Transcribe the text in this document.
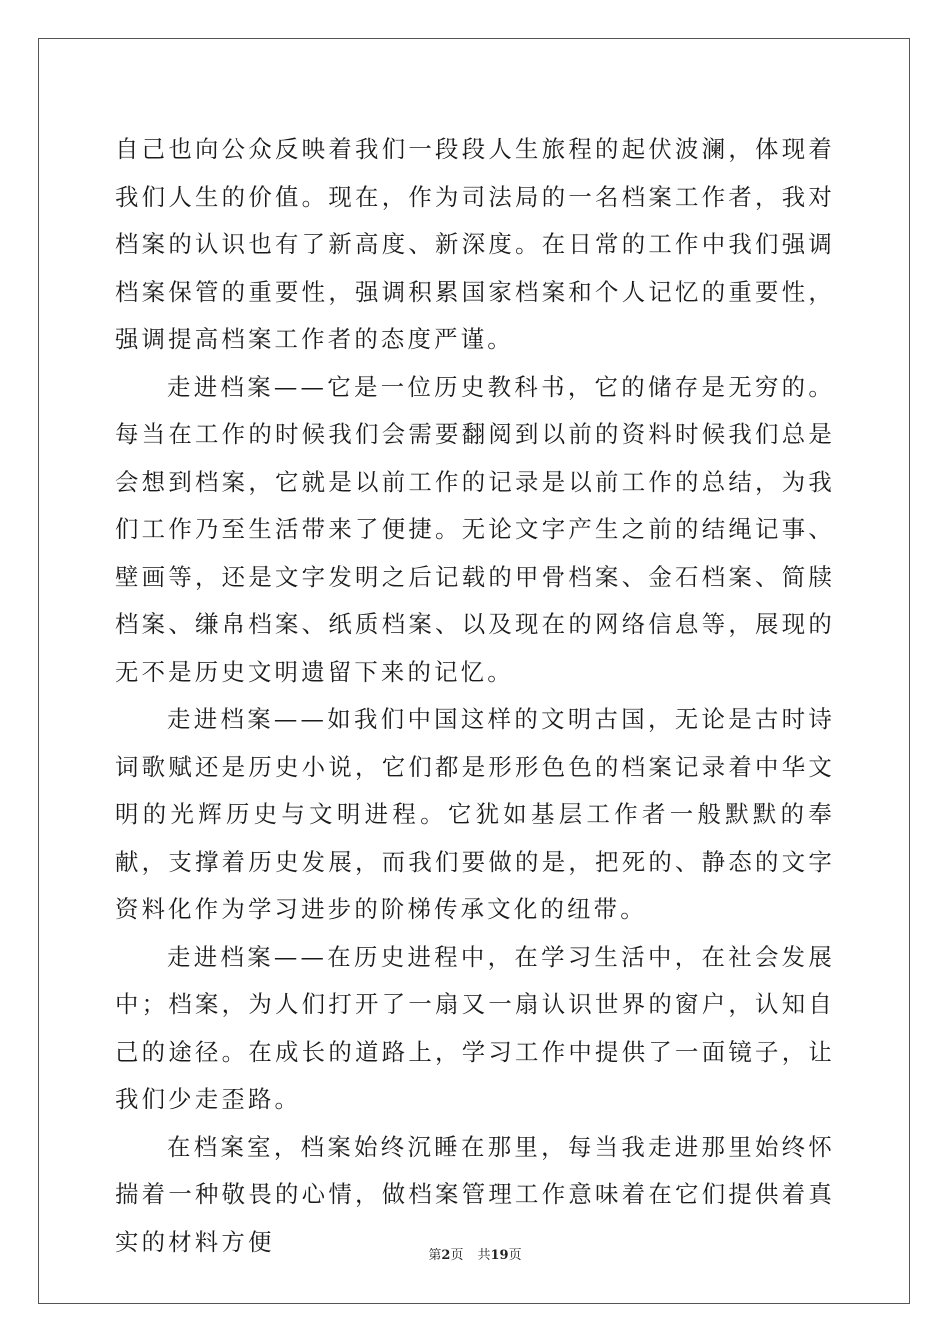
自己也向公众反映着我们一段段人生旅程的起伏波澜，体现着我们人生的价值。现在，作为司法局的一名档案工作者，我对档案的认识也有了新高度、新深度。在日常的工作中我们强调档案保管的重要性，强调积累国家档案和个人记忆的重要性，强调提高档案工作者的态度严谨。

走进档案——它是一位历史教科书，它的储存是无穷的。每当在工作的时候我们会需要翻阅到以前的资料时候我们总是会想到档案，它就是以前工作的记录是以前工作的总结，为我们工作乃至生活带来了便捷。无论文字产生之前的结绳记事、壁画等，还是文字发明之后记载的甲骨档案、金石档案、简牍档案、缣帛档案、纸质档案、以及现在的网络信息等，展现的无不是历史文明遗留下来的记忆。

走进档案——如我们中国这样的文明古国，无论是古时诗词歌赋还是历史小说，它们都是形形色色的档案记录着中华文明的光辉历史与文明进程。它犹如基层工作者一般默默的奉献，支撑着历史发展，而我们要做的是，把死的、静态的文字资料化作为学习进步的阶梯传承文化的纽带。

走进档案——在历史进程中，在学习生活中，在社会发展中；档案，为人们打开了一扇又一扇认识世界的窗户，认知自己的途径。在成长的道路上，学习工作中提供了一面镜子，让我们少走歪路。

在档案室，档案始终沉睡在那里，每当我走进那里始终怀揣着一种敬畏的心情，做档案管理工作意味着在它们提供着真实的材料方便	第2页 共19页
